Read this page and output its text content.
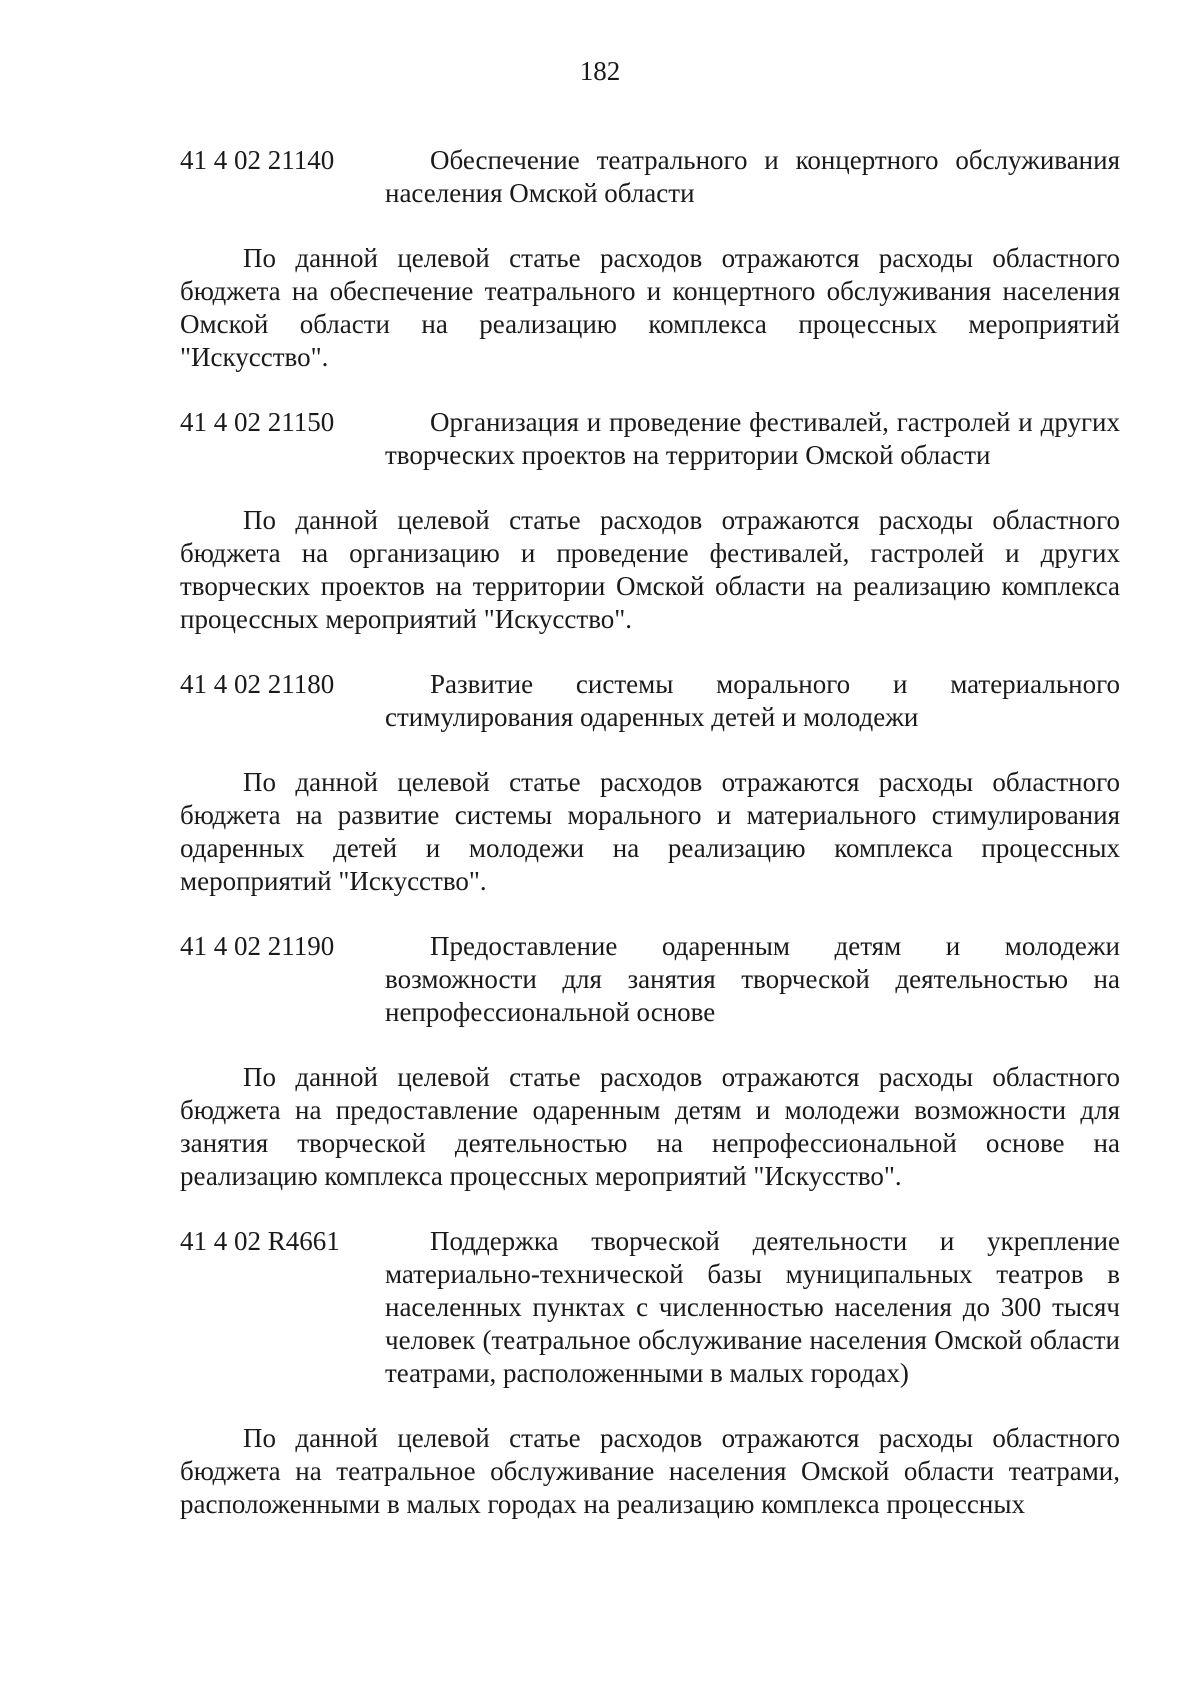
182
41 4 02 21140	Обеспечение театрального и концертного обслуживания населения Омской области

По данной целевой статье расходов отражаются расходы областного бюджета на обеспечение театрального и концертного обслуживания населения Омской области на реализацию комплекса процессных мероприятий "Искусство".

41 4 02 21150	Организация и проведение фестивалей, гастролей и других творческих проектов на территории Омской области

По данной целевой статье расходов отражаются расходы областного бюджета на организацию и проведение фестивалей, гастролей и других творческих проектов на территории Омской области на реализацию комплекса процессных мероприятий "Искусство".

41 4 02 21180	Развитие системы морального и материального стимулирования одаренных детей и молодежи

По данной целевой статье расходов отражаются расходы областного бюджета на развитие системы морального и материального стимулирования одаренных детей и молодежи на реализацию комплекса процессных мероприятий "Искусство".

41 4 02 21190	Предоставление одаренным детям и молодежи возможности для занятия творческой деятельностью на непрофессиональной основе

По данной целевой статье расходов отражаются расходы областного бюджета на предоставление одаренным детям и молодежи возможности для занятия творческой деятельностью на непрофессиональной основе на реализацию комплекса процессных мероприятий "Искусство".

41 4 02 R4661	Поддержка творческой деятельности и укрепление материально-технической базы муниципальных театров в населенных пунктах с численностью населения до 300 тысяч человек (театральное обслуживание населения Омской области театрами, расположенными в малых городах)

По данной целевой статье расходов отражаются расходы областного бюджета на театральное обслуживание населения Омской области театрами, расположенными в малых городах на реализацию комплекса процессных
